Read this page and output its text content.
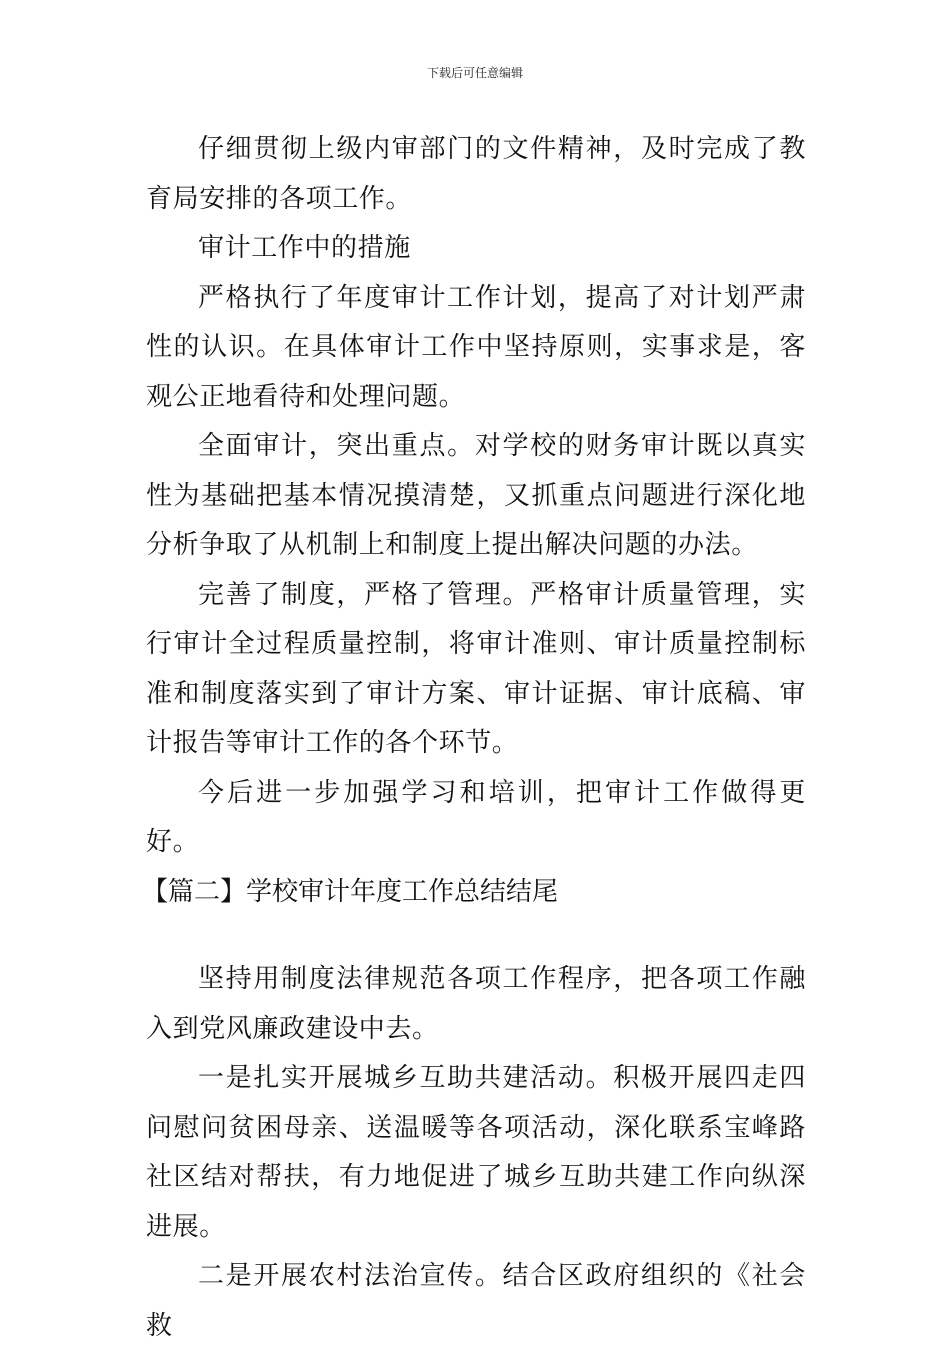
下载后可任意编辑

仔细贯彻上级内审部门的文件精神，及时完成了教育局安排的各项工作。

审计工作中的措施

严格执行了年度审计工作计划，提高了对计划严肃性的认识。在具体审计工作中坚持原则，实事求是，客观公正地看待和处理问题。

全面审计，突出重点。对学校的财务审计既以真实性为基础把基本情况摸清楚，又抓重点问题进行深化地分析争取了从机制上和制度上提出解决问题的办法。

完善了制度，严格了管理。严格审计质量管理，实行审计全过程质量控制，将审计准则、审计质量控制标准和制度落实到了审计方案、审计证据、审计底稿、审计报告等审计工作的各个环节。

今后进一步加强学习和培训，把审计工作做得更好。

【篇二】学校审计年度工作总结结尾

坚持用制度法律规范各项工作程序，把各项工作融入到党风廉政建设中去。

一是扎实开展城乡互助共建活动。积极开展四走四问慰问贫困母亲、送温暖等各项活动，深化联系宝峰路社区结对帮扶，有力地促进了城乡互助共建工作向纵深进展。

二是开展农村法治宣传。结合区政府组织的《社会救
